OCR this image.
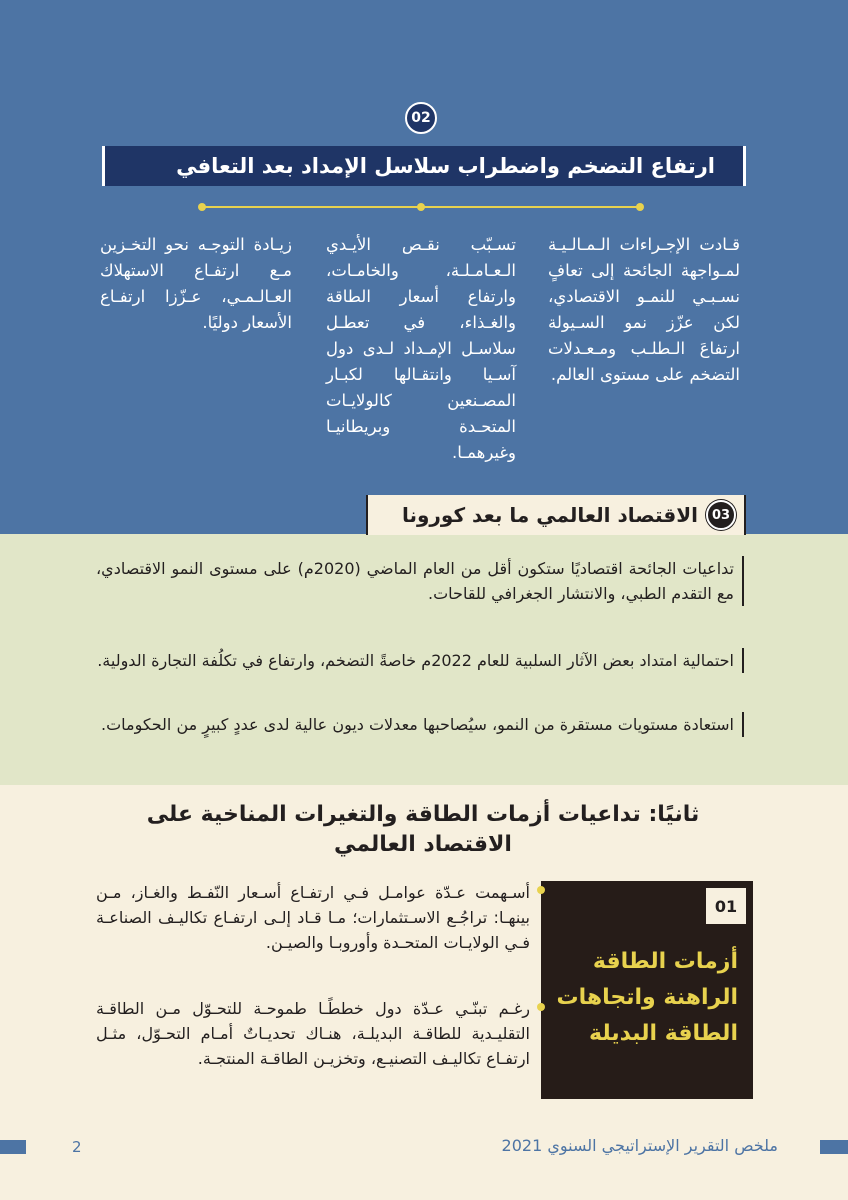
02
ارتفاع التضخم واضطراب سلاسل الإمداد بعد التعافي
قـادت الإجـراءات الـمـالـيـة لمـواجهة الجائحة إلى تعافٍ نسـبـي للنمـو الاقتصادي، لكن عزّز نمو السـيولة ارتفاعَ الـطلـب ومـعـدلات التضخم على مستوى العالم.
تسـبّب نقـص الأيـدي الـعـامـلـة، والخامـات، وارتفاع أسعار الطاقة والغـذاء، في تعطـل سلاسـل الإمـداد لـدى دول آسـيا وانتقـالها لكبـار المصـنعين كالولايـات المتحـدة وبريطانيـا وغيرهمـا.
زيـادة التوجـه نحو التخـزين مـع ارتفـاع الاستهلاك العـالـمـي، عـزّزا ارتفـاع الأسعار دوليًا.
03
الاقتصاد العالمي ما بعد كورونا
تداعيات الجائحة اقتصاديًا ستكون أقل من العام الماضي (2020م) على مستوى النمو الاقتصادي، مع التقدم الطبي، والانتشار الجغرافي للقاحات.
احتمالية امتداد بعض الآثار السلبية للعام 2022م خاصةً التضخم، وارتفاع في تكلُفة التجارة الدولية.
استعادة مستويات مستقرة من النمو، سيُصاحبها معدلات ديون عالية لدى عددٍ كبيرٍ من الحكومات.
ثانيًا: تداعيات أزمات الطاقة والتغيرات المناخية على
الاقتصاد العالمي
01
أزمات الطاقة الراهنة واتجاهات الطاقة البديلة
أسـهمت عـدّة عوامـل فـي ارتفـاع أسـعار النّفـط والغـاز، مـن بينهـا: تراجُـع الاسـتثمارات؛ مـا قـاد إلـى ارتفـاع تكاليـف الصناعـة فـي الولايـات المتحـدة وأوروبـا والصيـن.
رغـم تبنّـي عـدّة دول خططًـا طموحـة للتحـوّل مـن الطاقـة التقليـدية للطاقـة البديلـة، هنـاك تحديـاتٌ أمـام التحـوّل، مثـل ارتفـاع تكاليـف التصنيـع، وتخزيـن الطاقـة المنتجـة.
2	ملخص التقرير الإستراتيجي السنوي 2021
